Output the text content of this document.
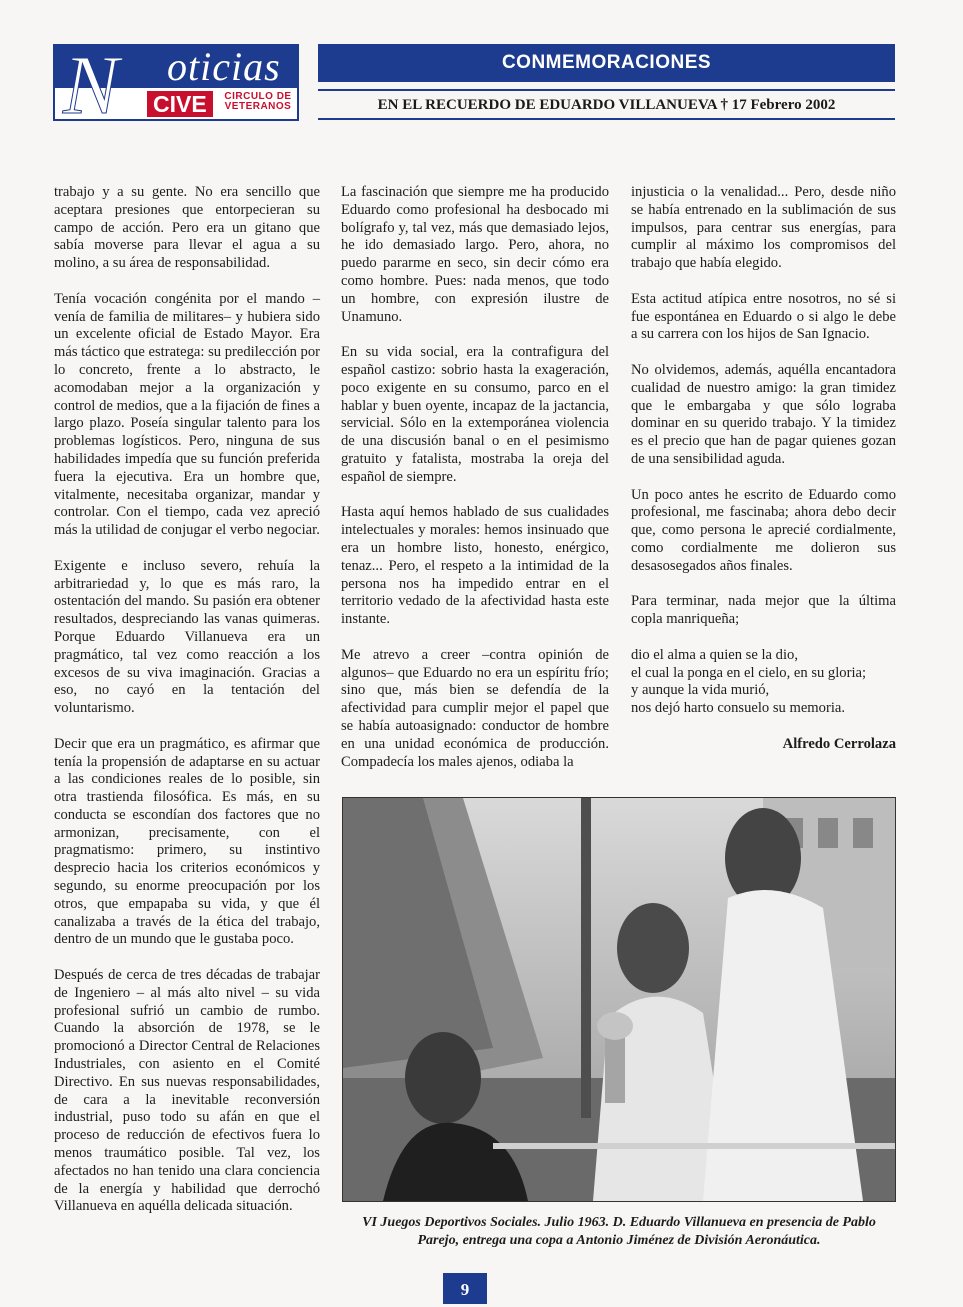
N oticias
CIVE	CIRCULO DE
VETERANOS
CONMEMORACIONES
EN EL RECUERDO DE EDUARDO VILLANUEVA † 17 Febrero 2002

trabajo y a su gente. No era sencillo que aceptara presiones que entorpecieran su campo de acción. Pero era un gitano que sabía moverse para llevar el agua a su molino, a su área de responsabilidad.

Tenía vocación congénita por el mando –venía de familia de militares– y hubiera sido un excelente oficial de Estado Mayor. Era más táctico que estratega: su predilección por lo concreto, frente a lo abstracto, le acomodaban mejor a la organización y control de medios, que a la fijación de fines a largo plazo. Poseía singular talento para los problemas logísticos. Pero, ninguna de sus habilidades impedía que su función preferida fuera la ejecutiva. Era un hombre que, vitalmente, necesitaba organizar, mandar y controlar. Con el tiempo, cada vez apreció más la utilidad de conjugar el verbo negociar.

Exigente e incluso severo, rehuía la arbitrariedad y, lo que es más raro, la ostentación del mando. Su pasión era obtener resultados, despreciando las vanas quimeras. Porque Eduardo Villanueva era un pragmático, tal vez como reacción a los excesos de su viva imaginación. Gracias a eso, no cayó en la tentación del voluntarismo.

Decir que era un pragmático, es afirmar que tenía la propensión de adaptarse en su actuar a las condiciones reales de lo posible, sin otra trastienda filosófica. Es más, en su conducta se escondían dos factores que no armonizan, precisamente, con el pragmatismo: primero, su instintivo desprecio hacia los criterios económicos y segundo, su enorme preocupación por los otros, que empapaba su vida, y que él canalizaba a través de la ética del trabajo, dentro de un mundo que le gustaba poco.

Después de cerca de tres décadas de trabajar de Ingeniero – al más alto nivel – su vida profesional sufrió un cambio de rumbo. Cuando la absorción de 1978, se le promocionó a Director Central de Relaciones Industriales, con asiento en el Comité Directivo. En sus nuevas responsabilidades, de cara a la inevitable reconversión industrial, puso todo su afán en que el proceso de reducción de efectivos fuera lo menos traumático posible. Tal vez, los afectados no han tenido una clara conciencia de la energía y habilidad que derrochó Villanueva en aquélla delicada situación.

La fascinación que siempre me ha producido Eduardo como profesional ha desbocado mi bolígrafo y, tal vez, más que demasiado lejos, he ido demasiado largo. Pero, ahora, no puedo pararme en seco, sin decir cómo era como hombre. Pues: nada menos, que todo un hombre, con expresión ilustre de Unamuno.

En su vida social, era la contrafigura del español castizo: sobrio hasta la exageración, poco exigente en su consumo, parco en el hablar y buen oyente, incapaz de la jactancia, servicial. Sólo en la extemporánea violencia de una discusión banal o en el pesimismo gratuito y fatalista, mostraba la oreja del español de siempre.

Hasta aquí hemos hablado de sus cualidades intelectuales y morales: hemos insinuado que era un hombre listo, honesto, enérgico, tenaz... Pero, el respeto a la intimidad de la persona nos ha impedido entrar en el territorio vedado de la afectividad hasta este instante.

Me atrevo a creer –contra opinión de algunos– que Eduardo no era un espíritu frío; sino que, más bien se defendía de la afectividad para cumplir mejor el papel que se había autoasignado: conductor de hombre en una unidad económica de producción. Compadecía los males ajenos, odiaba la

injusticia o la venalidad... Pero, desde niño se había entrenado en la sublimación de sus impulsos, para centrar sus energías, para cumplir al máximo los compromisos del trabajo que había elegido.

Esta actitud atípica entre nosotros, no sé si fue espontánea en Eduardo o si algo le debe a su carrera con los hijos de San Ignacio.

No olvidemos, además, aquélla encantadora cualidad de nuestro amigo: la gran timidez que le embargaba y que sólo lograba dominar en su querido trabajo. Y la timidez es el precio que han de pagar quienes gozan de una sensibilidad aguda.

Un poco antes he escrito de Eduardo como profesional, me fascinaba; ahora debo decir que, como persona le aprecié cordialmente, como cordialmente me dolieron sus desasosegados años finales.

Para terminar, nada mejor que la última copla manriqueña;

dio el alma a quien se la dio,
el cual la ponga en el cielo, en su gloria;
y aunque la vida murió,
nos dejó harto consuelo su memoria.

Alfredo Cerrolaza

VI Juegos Deportivos Sociales. Julio 1963. D. Eduardo Villanueva en presencia de Pablo Parejo, entrega una copa a Antonio Jiménez de División Aeronáutica.
9
